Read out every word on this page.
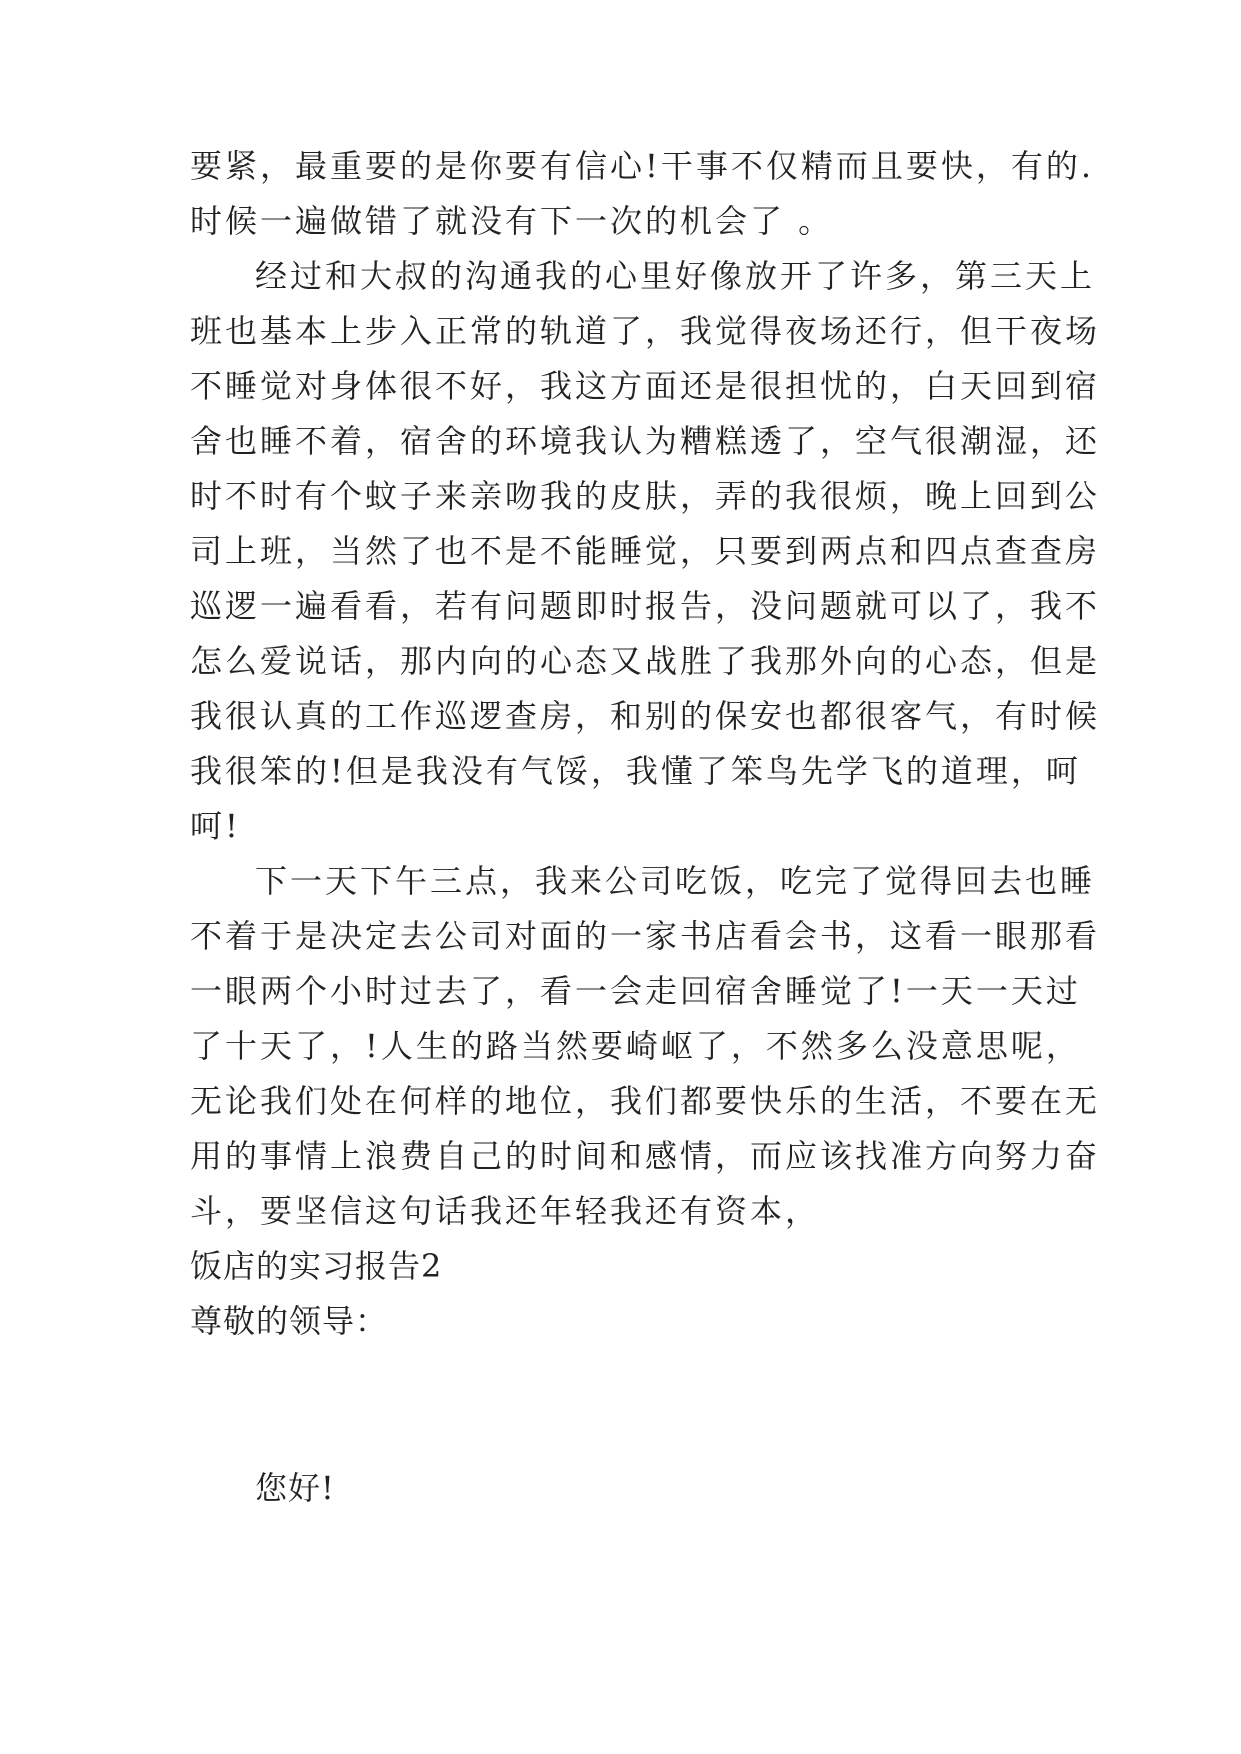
要紧，最重要的是你要有信心!干事不仅精而且要快，有的.
时候一遍做错了就没有下一次的机会了 。
经过和大叔的沟通我的心里好像放开了许多，第三天上
班也基本上步入正常的轨道了，我觉得夜场还行，但干夜场
不睡觉对身体很不好，我这方面还是很担忧的，白天回到宿
舍也睡不着，宿舍的环境我认为糟糕透了，空气很潮湿，还
时不时有个蚊子来亲吻我的皮肤，弄的我很烦，晚上回到公
司上班，当然了也不是不能睡觉，只要到两点和四点查查房
巡逻一遍看看，若有问题即时报告，没问题就可以了，我不
怎么爱说话，那内向的心态又战胜了我那外向的心态，但是
我很认真的工作巡逻查房，和别的保安也都很客气，有时候
我很笨的!但是我没有气馁，我懂了笨鸟先学飞的道理，呵
呵!
下一天下午三点，我来公司吃饭，吃完了觉得回去也睡
不着于是决定去公司对面的一家书店看会书，这看一眼那看
一眼两个小时过去了，看一会走回宿舍睡觉了!一天一天过
了十天了，!人生的路当然要崎岖了，不然多么没意思呢，
无论我们处在何样的地位，我们都要快乐的生活，不要在无
用的事情上浪费自己的时间和感情，而应该找准方向努力奋
斗，要坚信这句话我还年轻我还有资本，
饭店的实习报告2
尊敬的领导：
您好!
